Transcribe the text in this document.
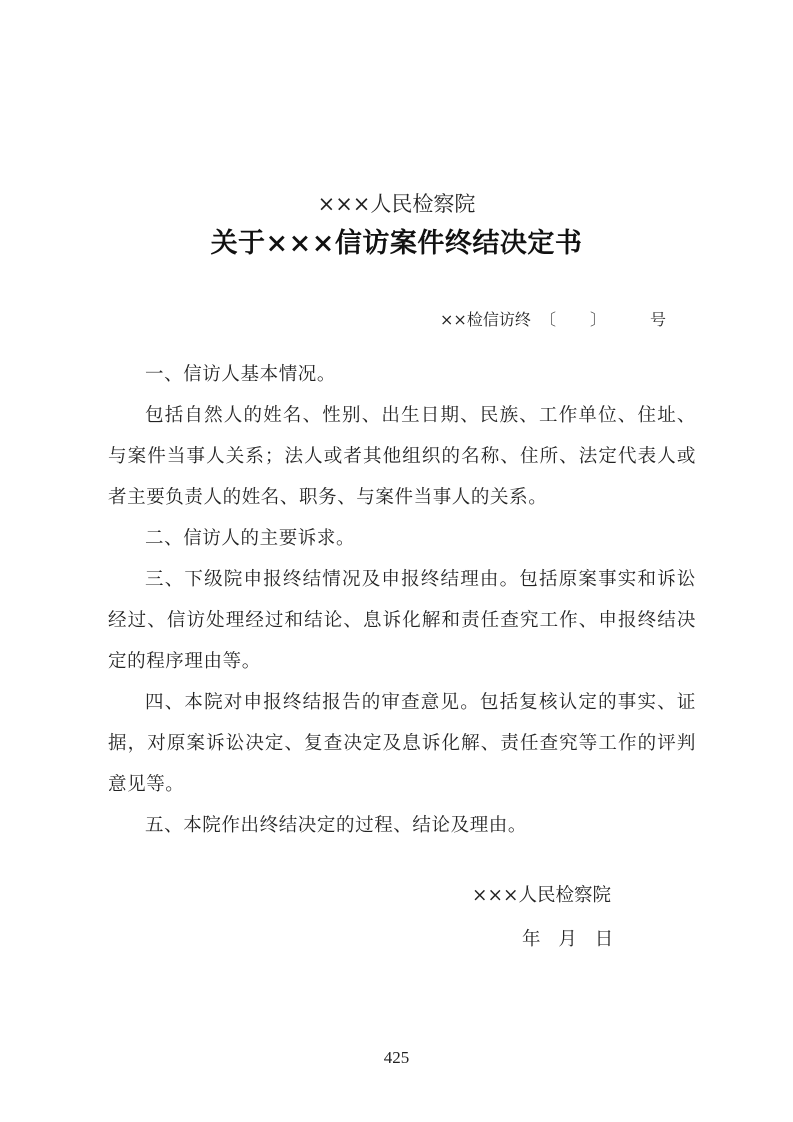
×××人民检察院
关于×××信访案件终结决定书
××检信访终 〔 〕	号

一、信访人基本情况。

包括自然人的姓名、性别、出生日期、民族、工作单位、住址、与案件当事人关系；法人或者其他组织的名称、住所、法定代表人或者主要负责人的姓名、职务、与案件当事人的关系。

二、信访人的主要诉求。

三、下级院申报终结情况及申报终结理由。包括原案事实和诉讼经过、信访处理经过和结论、息诉化解和责任查究工作、申报终结决定的程序理由等。

四、本院对申报终结报告的审查意见。包括复核认定的事实、证据，对原案诉讼决定、复查决定及息诉化解、责任查究等工作的评判意见等。

五、本院作出终结决定的过程、结论及理由。

×××人民检察院
年 月 日
425
